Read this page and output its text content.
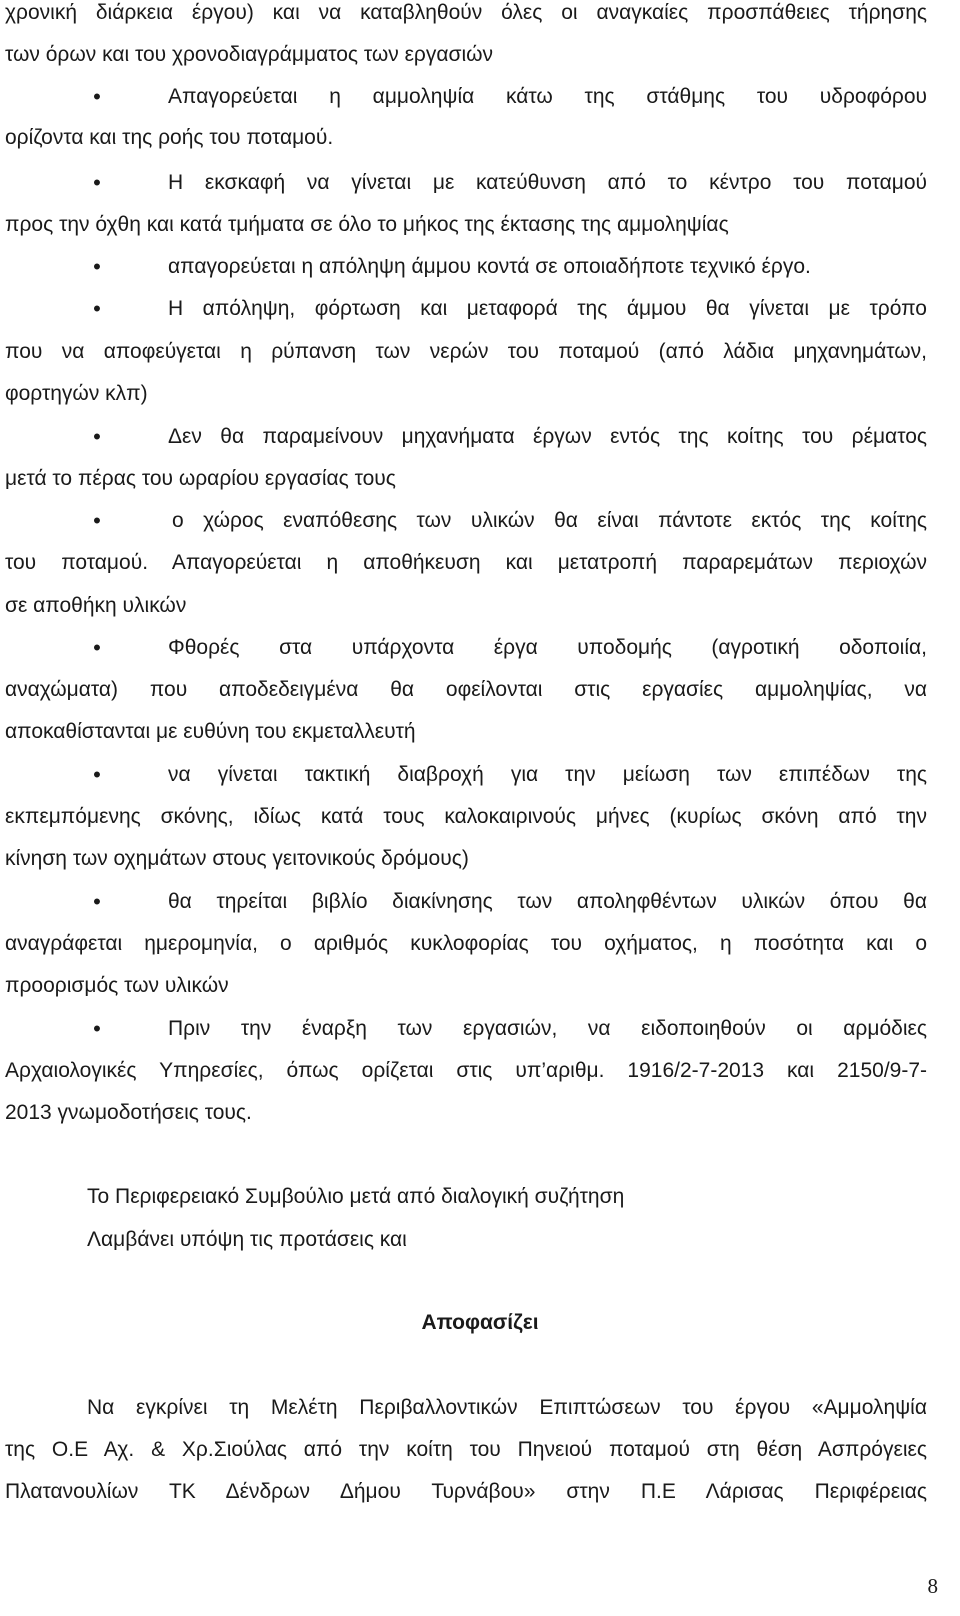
χρονική διάρκεια έργου) και να καταβληθούν όλες οι αναγκαίες προσπάθειες τήρησης
των όρων και του χρονοδιαγράμματος των εργασιών
•	Απαγορεύεται η αμμοληψία κάτω της στάθμης του υδροφόρου
ορίζοντα και της ροής του ποταμού.
•	Η εκσκαφή να γίνεται με κατεύθυνση από το κέντρο του ποταμού
προς την όχθη και κατά τμήματα σε όλο το μήκος της έκτασης της αμμοληψίας
•	απαγορεύεται η απόληψη άμμου κοντά σε οποιαδήποτε τεχνικό έργο.
•	Η απόληψη, φόρτωση και μεταφορά της άμμου θα γίνεται με τρόπο
που να αποφεύγεται η ρύπανση των νερών του ποταμού (από λάδια μηχανημάτων,
φορτηγών κλπ)
•	Δεν θα παραμείνουν μηχανήματα έργων εντός της κοίτης του ρέματος
μετά το πέρας του ωραρίου εργασίας τους
•	ο χώρος εναπόθεσης των υλικών θα είναι πάντοτε εκτός της κοίτης
του ποταμού. Απαγορεύεται η αποθήκευση και μετατροπή παραρεμάτων περιοχών
σε αποθήκη υλικών
•	Φθορές στα υπάρχοντα έργα υποδομής (αγροτική οδοποιία,
αναχώματα) που αποδεδειγμένα θα οφείλονται στις εργασίες αμμοληψίας, να
αποκαθίστανται με ευθύνη του εκμεταλλευτή
•	να γίνεται τακτική διαβροχή για την μείωση των επιπέδων της
εκπεμπόμενης σκόνης, ιδίως κατά τους καλοκαιρινούς μήνες (κυρίως σκόνη από την
κίνηση των οχημάτων στους γειτονικούς δρόμους)
•	θα τηρείται βιβλίο διακίνησης των αποληφθέντων υλικών όπου θα
αναγράφεται ημερομηνία, ο αριθμός κυκλοφορίας του οχήματος, η ποσότητα και ο
προορισμός των υλικών
•	Πριν την έναρξη των εργασιών, να ειδοποιηθούν οι αρμόδιες
Αρχαιολογικές Υπηρεσίες, όπως ορίζεται στις υπ’αριθμ. 1916/2-7-2013 και 2150/9-7-
2013 γνωμοδοτήσεις τους.
Το Περιφερειακό Συμβούλιο μετά από διαλογική συζήτηση
Λαμβάνει υπόψη τις προτάσεις και
Αποφασίζει
Να εγκρίνει τη Μελέτη Περιβαλλοντικών Επιπτώσεων του έργου «Αμμοληψία
της Ο.Ε Αχ. & Χρ.Σιούλας από την κοίτη του Πηνειού ποταμού στη θέση Ασπρόγειες
Πλατανουλίων ΤΚ Δένδρων Δήμου Τυρνάβου» στην Π.Ε Λάρισας Περιφέρειας
8
